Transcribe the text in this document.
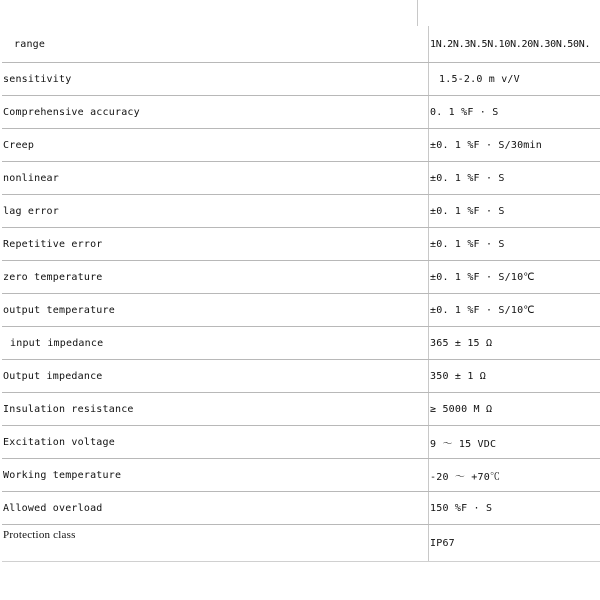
range	1N.2N.3N.5N.10N.20N.30N.50N.
sensitivity	1.5-2.0 m v/V
Comprehensive accuracy	0. 1 %F · S
Creep	±0. 1 %F · S/30min
nonlinear	±0. 1 %F · S
lag error	±0. 1 %F · S
Repetitive error	±0. 1 %F · S
zero temperature	±0. 1 %F · S/10℃
output temperature	±0. 1 %F · S/10℃
input impedance	365 ± 15 Ω
Output impedance	350 ± 1 Ω
Insulation resistance	≥ 5000 M Ω
Excitation voltage	9 ～ 15 VDC
Working temperature	-20 ～ +70℃
Allowed overload	150 %F · S
Protection class	IP67
